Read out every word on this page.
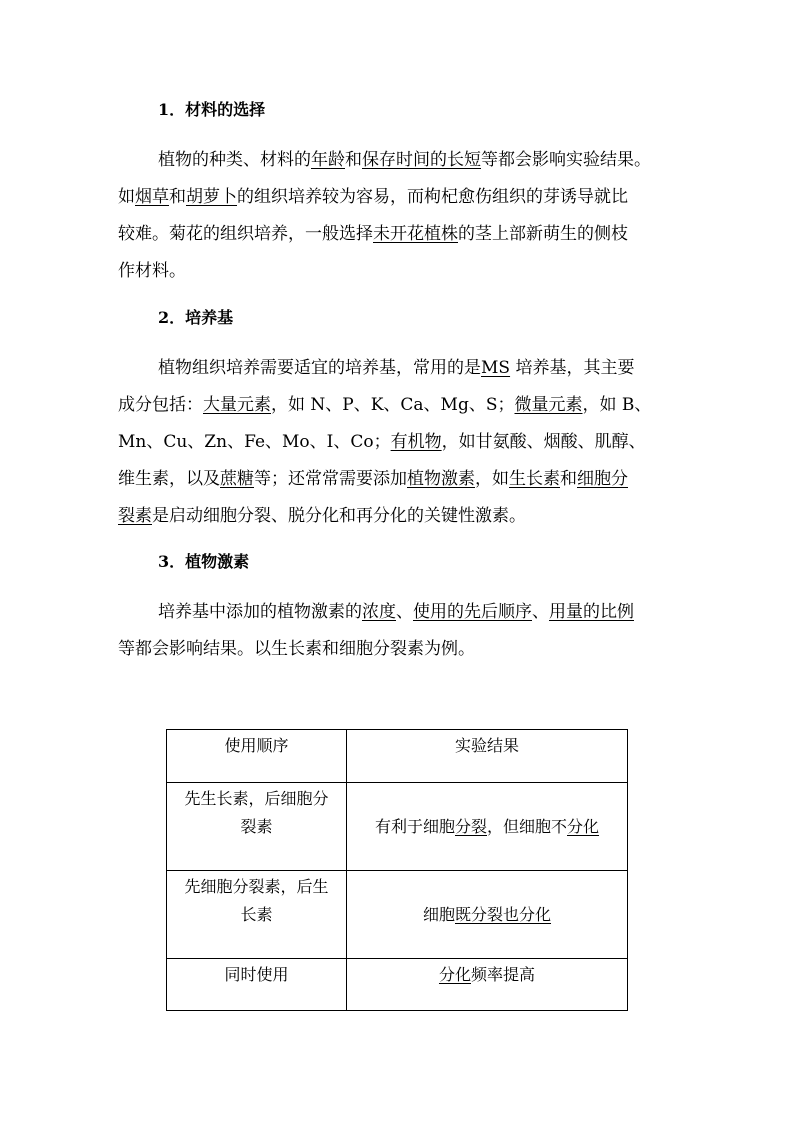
1．材料的选择
植物的种类、材料的年龄和保存时间的长短等都会影响实验结果。
如烟草和胡萝卜的组织培养较为容易，而枸杞愈伤组织的芽诱导就比
较难。菊花的组织培养，一般选择未开花植株的茎上部新萌生的侧枝
作材料。
2．培养基
植物组织培养需要适宜的培养基，常用的是MS 培养基，其主要
成分包括：大量元素，如 N、P、K、Ca、Mg、S；微量元素，如 B、
Mn、Cu、Zn、Fe、Mo、I、Co；有机物，如甘氨酸、烟酸、肌醇、
维生素，以及蔗糖等；还常常需要添加植物激素，如生长素和细胞分
裂素是启动细胞分裂、脱分化和再分化的关键性激素。
3．植物激素
培养基中添加的植物激素的浓度、使用的先后顺序、用量的比例
等都会影响结果。以生长素和细胞分裂素为例。
使用顺序	实验结果

先生长素，后细胞分
裂素	有利于细胞分裂，但细胞不分化

先细胞分裂素，后生
长素	细胞既分裂也分化

同时使用	分化频率提高
